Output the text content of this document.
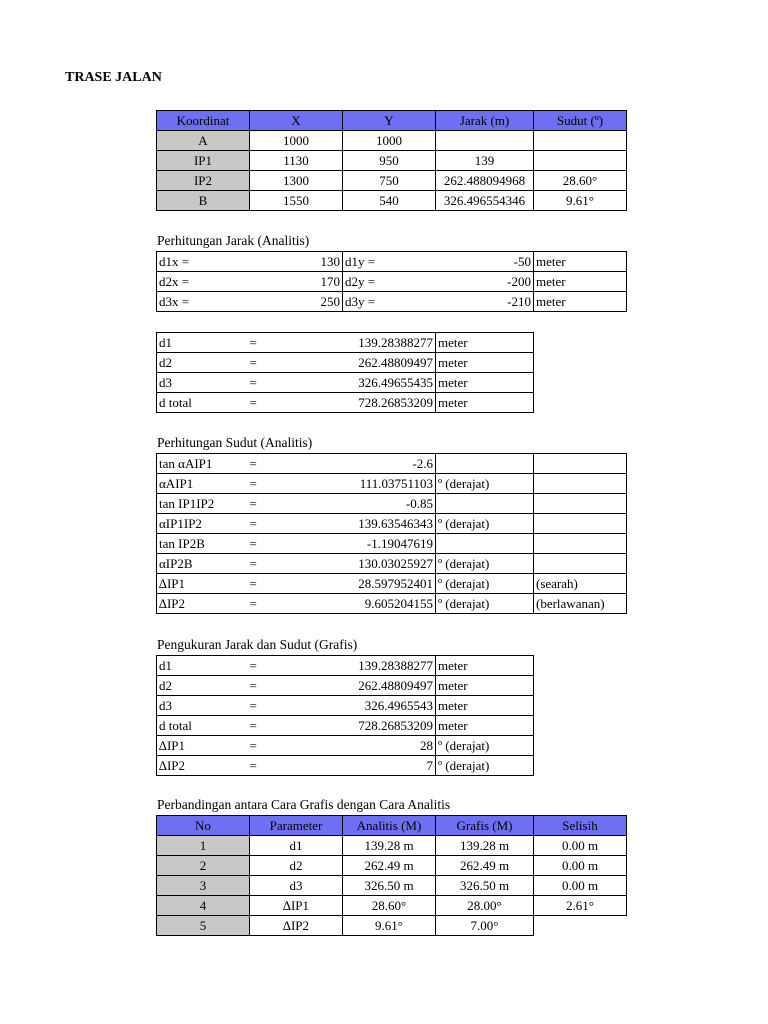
TRASE JALAN
Koordinat	X	Y	Jarak (m)	Sudut (º)
A	1000	1000		
IP1	1130	950	139	
IP2	1300	750	262.488094968	28.60°
B	1550	540	326.496554346	9.61°
Perhitungan Jarak (Analitis)
d1x =	130	d1y =	-50	meter
d2x =	170	d2y =	-200	meter
d3x =	250	d3y =	-210	meter
d1	=	139.28388277	meter
d2	=	262.48809497	meter
d3	=	326.49655435	meter
d total	=	728.26853209	meter
Perhitungan Sudut (Analitis)
tan αAIP1	=	-2.6		
αAIP1	=	111.03751103	º (derajat)	
tan IP1IP2	=	-0.85		
αIP1IP2	=	139.63546343	º (derajat)	
tan IP2B	=	-1.19047619		
αIP2B	=	130.03025927	º (derajat)	
∆IP1	=	28.597952401	º (derajat)	(searah)
∆IP2	=	9.605204155	º (derajat)	(berlawanan)
Pengukuran Jarak dan Sudut (Grafis)
d1	=	139.28388277	meter
d2	=	262.48809497	meter
d3	=	326.4965543	meter
d total	=	728.26853209	meter
∆IP1	=	28	º (derajat)
∆IP2	=	7	º (derajat)
Perbandingan antara Cara Grafis dengan Cara Analitis
No	Parameter	Analitis (M)	Grafis (M)	Selisih
1	d1	139.28 m	139.28 m	0.00 m
2	d2	262.49 m	262.49 m	0.00 m
3	d3	326.50 m	326.50 m	0.00 m
4	∆IP1	28.60°	28.00°	2.61°
5	∆IP2	9.61°	7.00°	
